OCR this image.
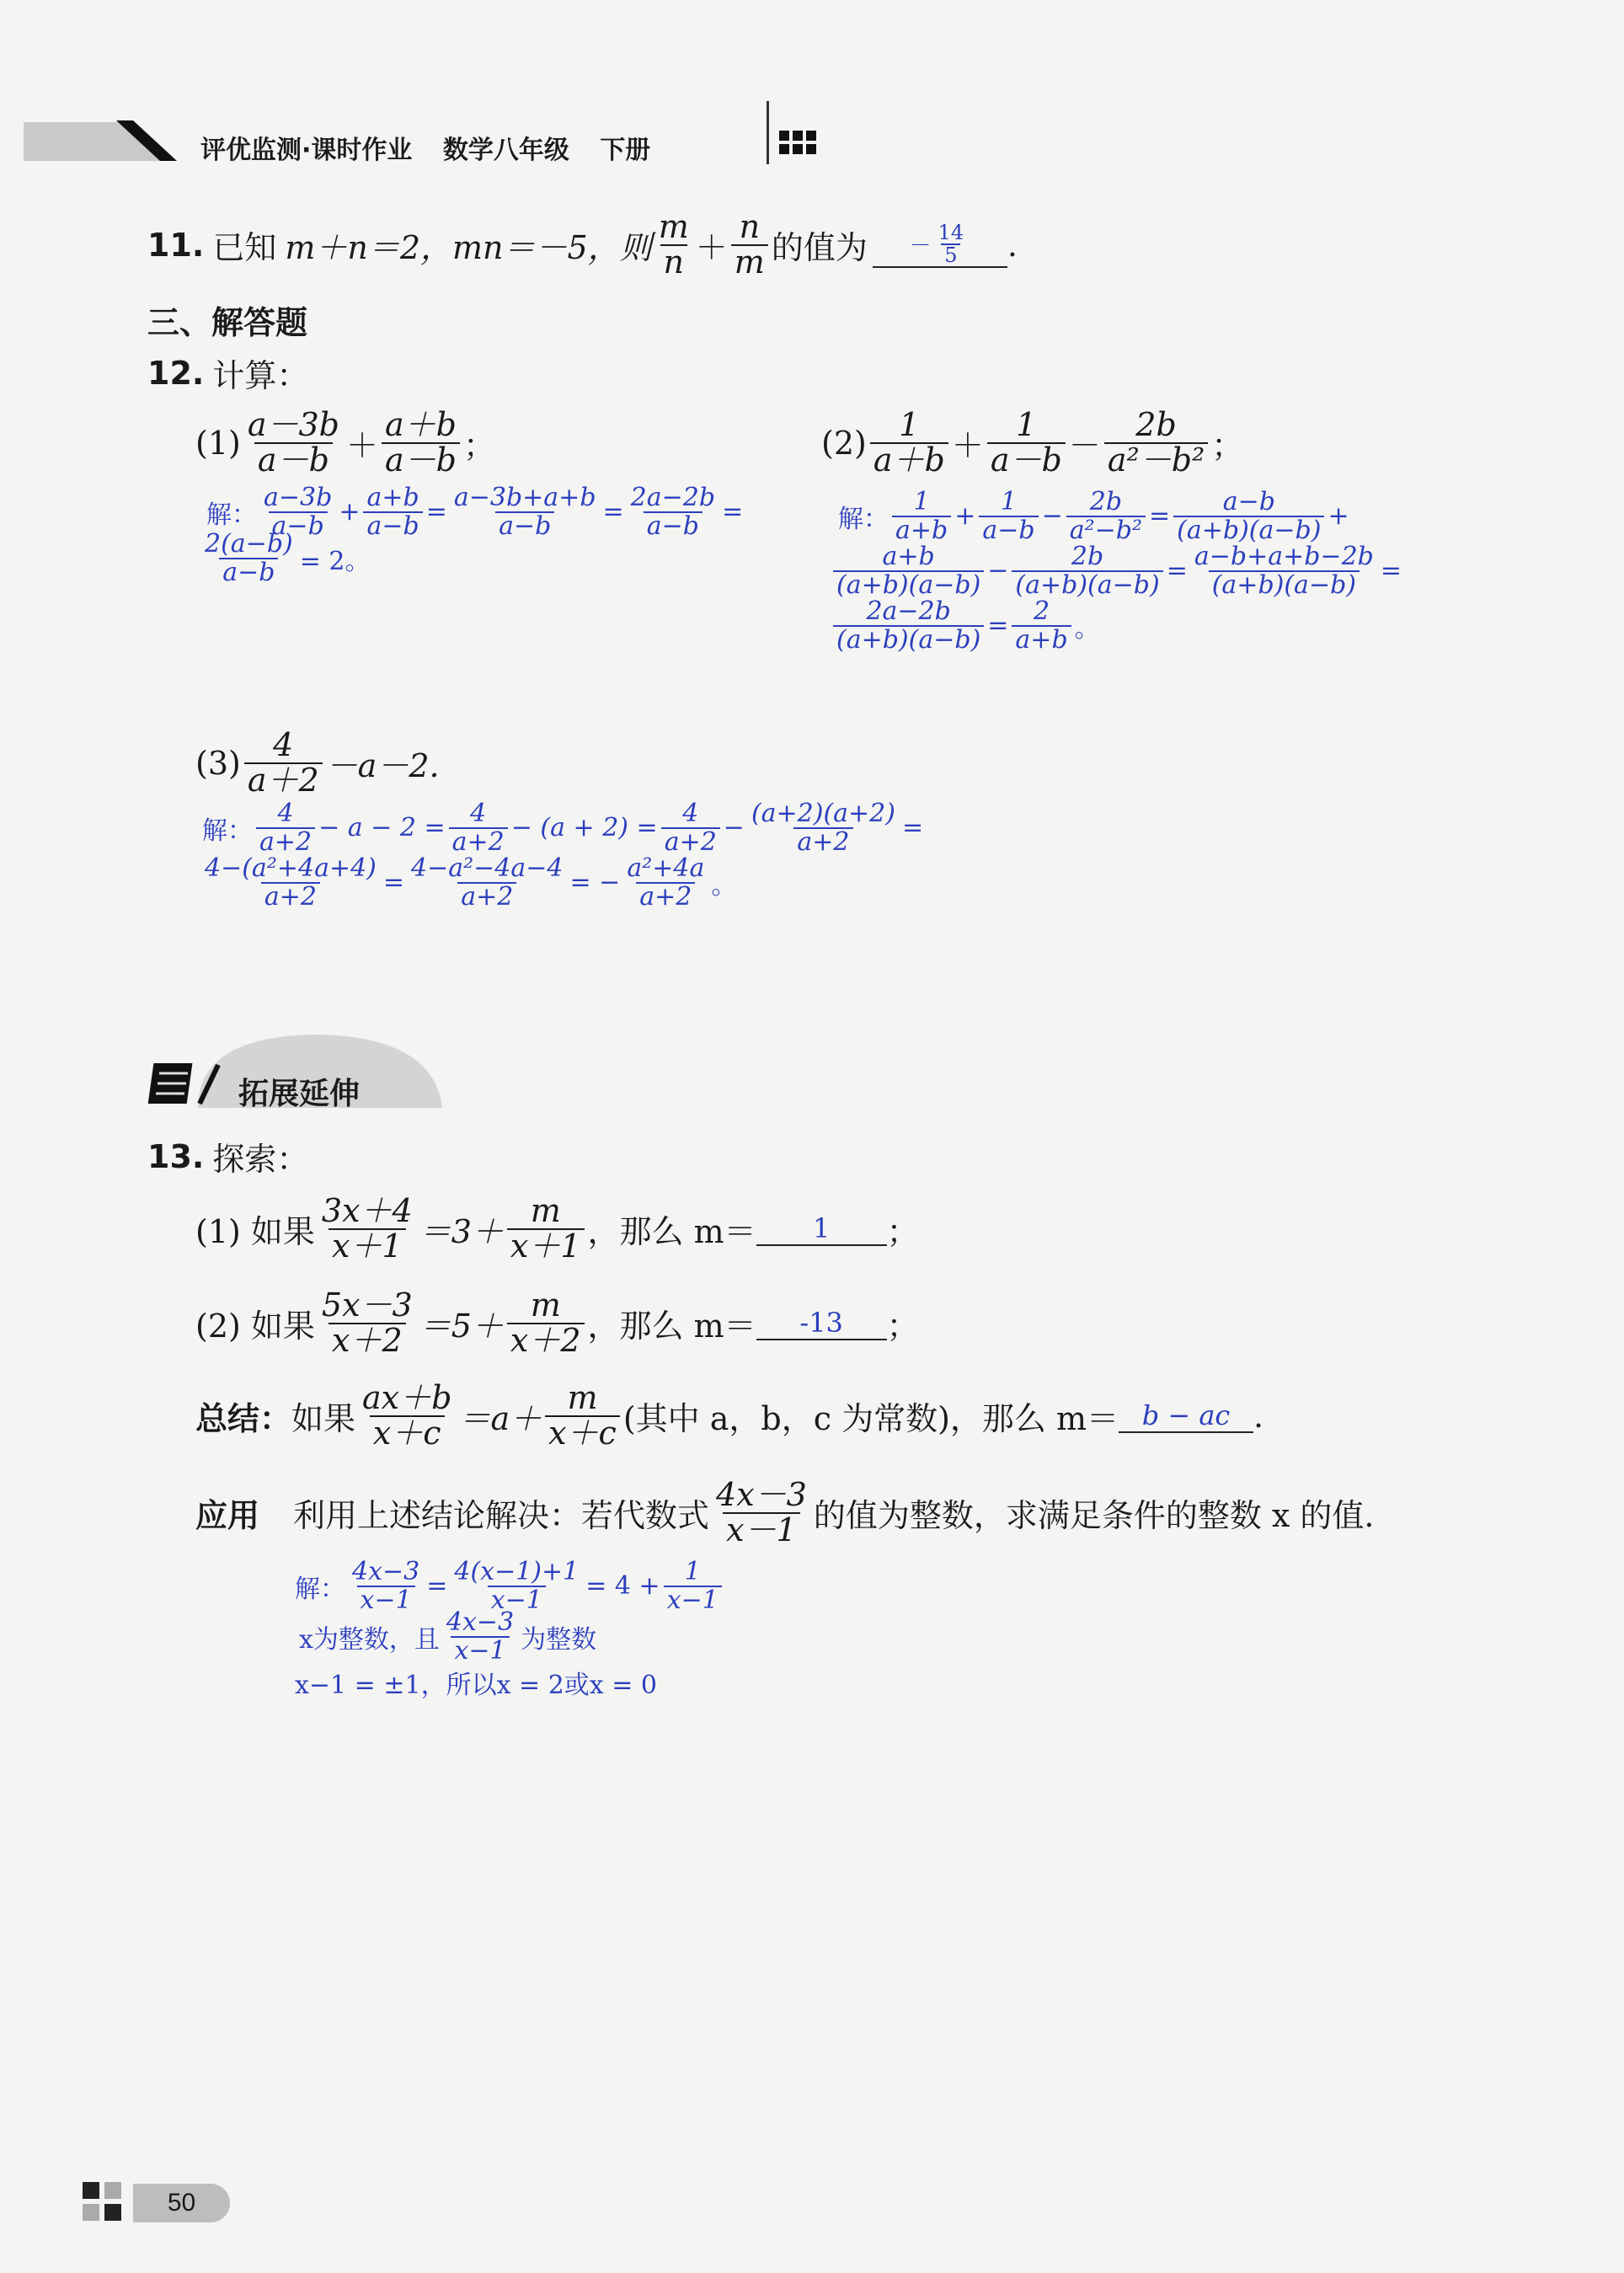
评优监测·课时作业 数学八年级 下册
11. 已知 m＋n＝2，mn＝－5，则 $\frac{m}{n} + \frac{n}{m}$ 的值为 － $\frac{14}{5}$ .
三、解答题
12. 计算：
$(1) \frac{a-3b}{a-b} + \frac{a+b}{a-b}$ ；
解： $\frac{a-3b}{a-b} + \frac{a+b}{a-b} = \frac{a-3b+a+b}{a-b} = \frac{2a-2b}{a-b}$ =
$\frac{2(a-b)}{a-b} = 2$。
$(2) \frac{1}{a+b} + \frac{1}{a-b} - \frac{2b}{\text{a²－b²}}$ ；
解： $\frac{1}{a+b} + \frac{1}{a-b} - \frac{2b}{\text{a²−b²}} = \frac{a-b}{(a+b)(a-b)}$ +
$\frac{a+b}{(a+b)(a-b)} - \frac{2b}{(a+b)(a-b)} = \frac{a-b+a+b-2b}{(a+b)(a-b)}$ =
$\frac{2a-2b}{(a+b)(a-b)} = \frac{2}{a+b}$ 。
$(3) \frac{4}{a+2} -a-2$.
解： $\frac{4}{a+2} - a - 2 = \frac{4}{a+2} - (a + 2) = \frac{4}{a+2} - \frac{(a+2)(a+2)}{a+2}$ =
$\frac{\text{4−(a²+4a+4)}}{a+2} = \frac{\text{4−a²−4a−4}}{a+2}$ = − $\frac{\text{a²+4a}}{a+2}$ 。
拓展延伸
13. 探索：
(1) 如果 $\frac{3x+4}{x+1} =3+ \frac{m}{x+1}$ ，那么 m＝	1	；
(2) 如果 $\frac{5x-3}{x+2} =5+ \frac{m}{x+2}$ ，那么 m＝	-13	；
总结： 如果 $\frac{ax+b}{x+c} =a+ \frac{m}{x+c}$ (其中 a，b，c 为常数)，那么 m＝ b − ac .
应用 利用上述结论解决：若代数式 $\frac{4x-3}{x-1}$ 的值为整数，求满足条件的整数 x 的值.
解： $\frac{4x-3}{x-1} = \frac{4(x-1)+1}{x-1} = 4 + \frac{1}{x-1}$
x为整数，且 $\frac{4x-3}{x-1}$ 为整数
x−1 = ±1，所以x = 2或x = 0
50
